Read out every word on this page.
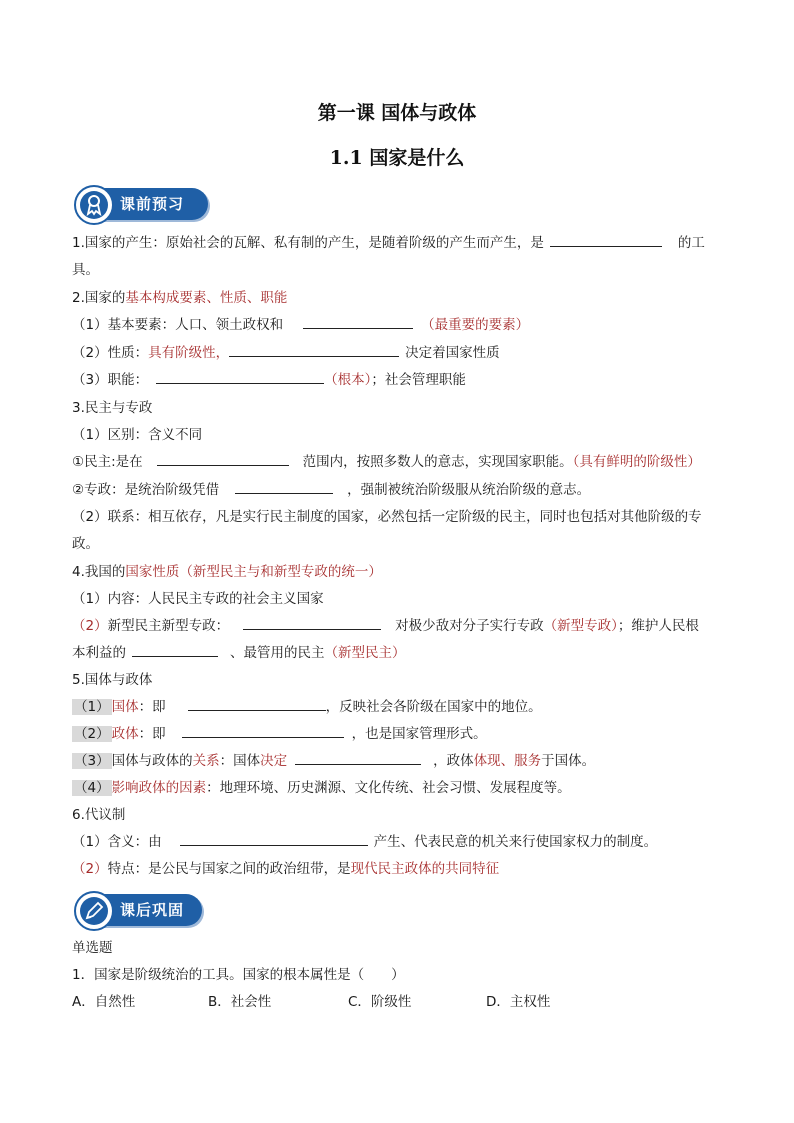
第一课 国体与政体
1.1 国家是什么
课前预习
1.国家的产生：原始社会的瓦解、私有制的产生，是随着阶级的产生而产生，是	的工
具。
2.国家的基本构成要素、性质、职能
（1）基本要素：人口、领土政权和	（最重要的要素）
（2）性质：具有阶级性，	决定着国家性质
（3）职能：	（根本）；社会管理职能
3.民主与专政
（1）区别：含义不同
①民主:是在	范围内，按照多数人的意志，实现国家职能。（具有鲜明的阶级性）
②专政：是统治阶级凭借	，强制被统治阶级服从统治阶级的意志。
（2）联系：相互依存，凡是实行民主制度的国家，必然包括一定阶级的民主，同时也包括对其他阶级的专
政。
4.我国的国家性质（新型民主与和新型专政的统一）
（1）内容：人民民主专政的社会主义国家
（2）新型民主新型专政：	对极少敌对分子实行专政（新型专政）；维护人民根
本利益的	、最管用的民主（新型民主）
5.国体与政体
（1） 国体：即	，反映社会各阶级在国家中的地位。
（2） 政体：即	，也是国家管理形式。
（3） 国体与政体的关系：国体决定	，政体体现、服务于国体。
（4） 影响政体的因素：地理环境、历史渊源、文化传统、社会习惯、发展程度等。
6.代议制
（1）含义：由	产生、代表民意的机关来行使国家权力的制度。
（2）特点：是公民与国家之间的政治纽带，是现代民主政体的共同特征
课后巩固
单选题
1．国家是阶级统治的工具。国家的根本属性是（　　）
A．自然性	B．社会性	C．阶级性	D．主权性
